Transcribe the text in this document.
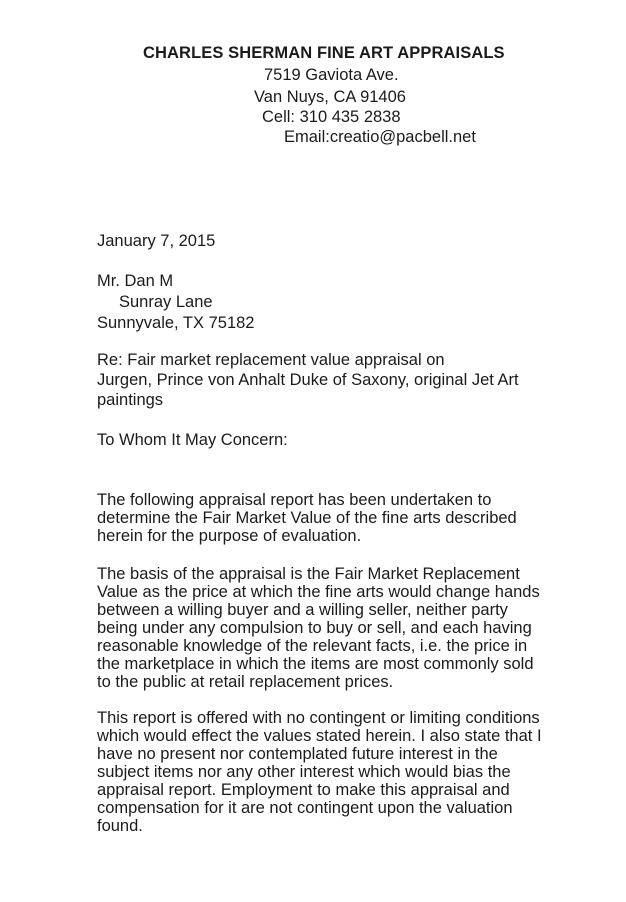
CHARLES SHERMAN FINE ART APPRAISALS
7519 Gaviota Ave.
Van Nuys, CA 91406
Cell: 310 435 2838
Email:creatio@pacbell.net
January 7, 2015
Mr. Dan M
Sunray Lane
Sunnyvale, TX 75182
Re: Fair market replacement value appraisal on
Jurgen, Prince von Anhalt Duke of Saxony, original Jet Art
paintings
To Whom It May Concern:
The following appraisal report has been undertaken to
determine the Fair Market Value of the fine arts described
herein for the purpose of evaluation.
The basis of the appraisal is the Fair Market Replacement
Value as the price at which the fine arts would change hands
between a willing buyer and a willing seller, neither party
being under any compulsion to buy or sell, and each having
reasonable knowledge of the relevant facts, i.e. the price in
the marketplace in which the items are most commonly sold
to the public at retail replacement prices.
This report is offered with no contingent or limiting conditions
which would effect the values stated herein. I also state that I
have no present nor contemplated future interest in the
subject items nor any other interest which would bias the
appraisal report. Employment to make this appraisal and
compensation for it are not contingent upon the valuation
found.
